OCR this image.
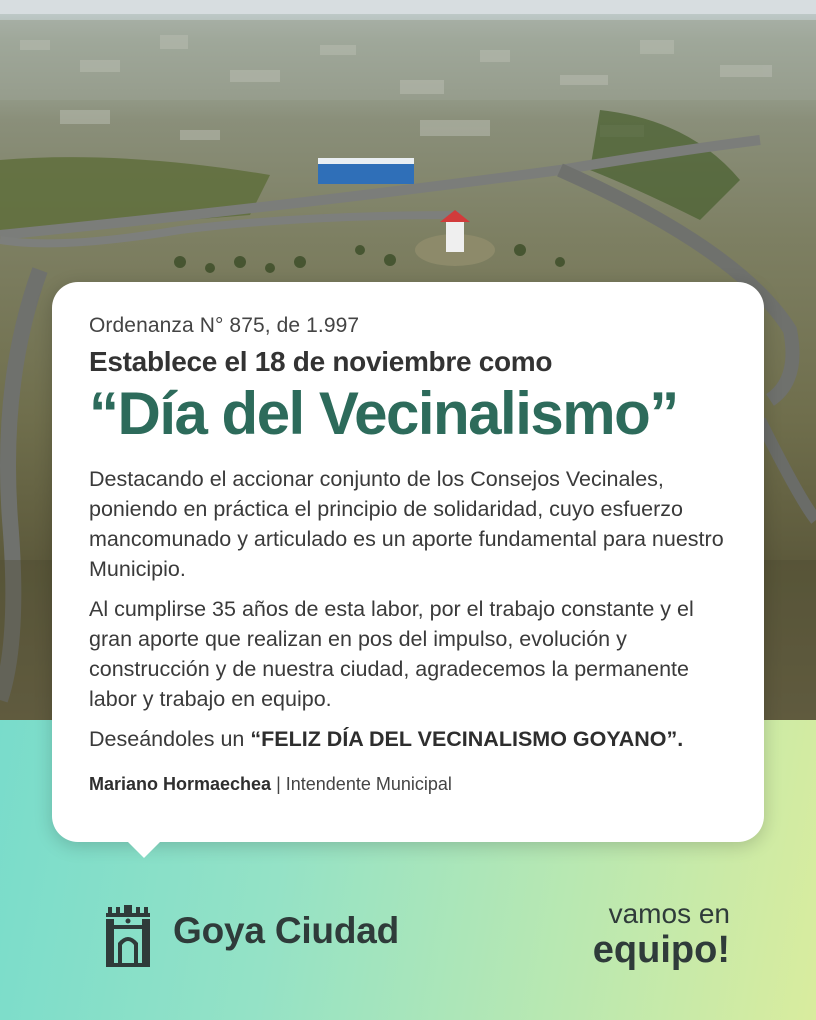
Ordenanza N° 875, de 1.997
Establece el 18 de noviembre como
“Día del Vecinalismo”

Destacando el accionar conjunto de los Consejos Vecinales, poniendo en práctica el principio de solidaridad, cuyo esfuerzo mancomunado y articulado es un aporte fundamental para nuestro Municipio.

Al cumplirse 35 años de esta labor, por el trabajo constante y el gran aporte que realizan en pos del impulso, evolución y construcción y de nuestra ciudad, agradecemos la permanente labor y trabajo en equipo.

Deseándoles un “FELIZ DÍA DEL VECINALISMO GOYANO”.

Mariano Hormaechea | Intendente Municipal
Goya Ciudad	vamos en
equipo!
